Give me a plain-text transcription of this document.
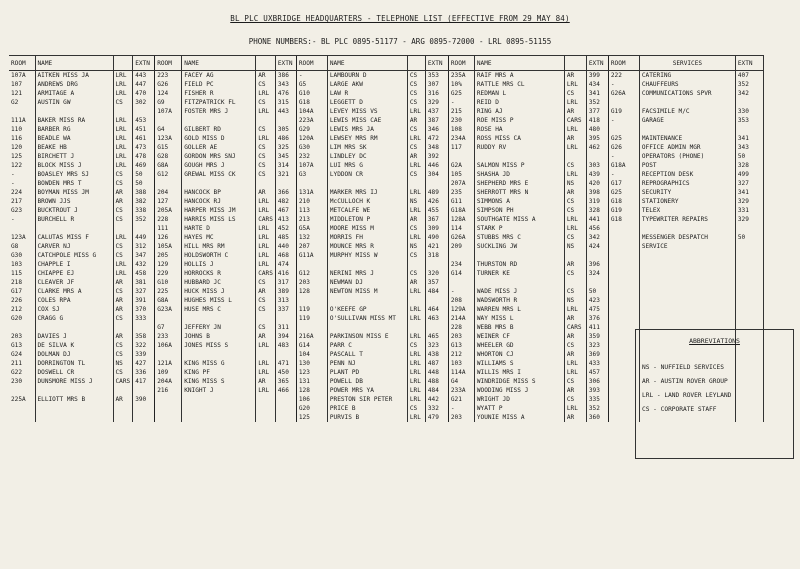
BL PLC UXBRIDGE HEADQUARTERS - TELEPHONE LIST (EFFECTIVE FROM 29 MAY 84)
PHONE NUMBERS:- BL PLC 0895-51177 - ARG 0895-72000 - LRL 0895-51155
ROOM	NAME		EXTN	ROOM	NAME		EXTN	ROOM	NAME		EXTN	ROOM	NAME		EXTN	ROOM	SERVICES	EXTN
107A	AITKEN MISS JA	LRL	443	223	FACEY AG	AR	386	-	LAMBOURN D	CS	353	235A	RAIF MRS A	AR	399	222	CATERING	407
107	ANDREWS DRG	LRL	447	G26	FIELD PC	CS	343	G5	LARGE AKW	CS	307	10%	RATTLE MRS CL	LRL	434	-	CHAUFFEURS	352
121	ARMITAGE A	LRL	470	124	FISHER R	LRL	476	G10	LAW R	CS	316	G25	REDMAN L	CS	341	G26A	COMMUNICATIONS SPVR	342
G2	AUSTIN GW	CS	302	G9	FITZPATRICK FL	CS	315	G18	LEGGETT D	CS	329	-	REID D	LRL	352			
				107A	FOSTER MRS J	LRL	443	104A	LEVEY MISS VS	LRL	437	215	RING AJ	AR	377	G19	FACSIMILE M/C	330
111A	BAKER MISS RA	LRL	453					223A	LEWIS MISS CAE	AR	387	230	ROE MISS P	CARS	418	-	GARAGE	353
110	BARBER RG	LRL	451	G4	GILBERT RD	CS	305	G29	LEWIS MRS JA	CS	346	108	ROSE HA	LRL	480			
116	BEADLE WA	LRL	461	123A	GOLD MISS D	LRL	486	120A	LEWSEY MRS RM	LRL	472	234A	ROSS MISS CA	AR	395	G25	MAINTENANCE	341
120	BEAKE HB	LRL	473	G15	GOLLER AE	CS	325	G30	LIM MRS SK	CS	348	117	RUDDY RV	LRL	462	G26	OFFICE ADMIN MGR	343
125	BIRCHETT J	LRL	478	G28	GORDON MRS SNJ	CS	345	232	LINDLEY DC	AR	392					-	OPERATORS (PHONE)	50
122	BLOCK MISS J	LRL	469	G8A	GOUGH MRS J	CS	314	107A	LUI MRS G	LRL	446	G2A	SALMON MISS P	CS	303	G18A	POST	328
-	BOASLEY MRS SJ	CS	50	G12	GREWAL MISS CK	CS	321	G3	LYDDON CR	CS	304	105	SHASHA JD	LRL	439	-	RECEPTION DESK	499
-	BOWDEN MRS T	CS	50									207A	SHEPHERD MRS E	NS	420	G17	REPROGRAPHICS	327
224	BOYMAN MISS JM	AR	388	204	HANCOCK BP	AR	366	131A	MARKER MRS IJ	LRL	489	235	SHERROTT MRS N	AR	398	G25	SECURITY	341
217	BROWN JJS	AR	382	127	HANCOCK RJ	LRL	482	210	McCULLOCH K	NS	426	G11	SIMMONS A	CS	319	G18	STATIONERY	329
G23	BUCKTROUT J	CS	338	205A	HARPER MISS JM	LRL	467	113	METCALFE WE	LRL	455	G18A	SIMPSON PH	CS	328	G19	TELEX	331
-	BURCHELL R	CS	352	228	HARRIS MISS LS	CARS	413	213	MIDDLETON P	AR	367	128A	SOUTHGATE MISS A	LRL	441	G18	TYPEWRITER REPAIRS	329
				111	HARTE D	LRL	452	G5A	MOORE MISS M	CS	309	114	STARK P	LRL	456			
123A	CALUTAS MISS F	LRL	449	126	HAYES MC	LRL	485	132	MORRIS FH	LRL	490	G26A	STUBBS MRS C	CS	342		MESSENGER DESPATCH	50
G8	CARVER NJ	CS	312	105A	HILL MRS RM	LRL	440	207	MOUNCE MRS R	NS	421	209	SUCKLING JW	NS	424		SERVICE	
G30	CATCHPOLE MISS G	CS	347	205	HOLDSWORTH C	LRL	468	G11A	MURPHY MISS W	CS	318							
103	CHAPPLE I	LRL	432	129	HOLLIS J	LRL	474					234	THURSTON RD	AR	396			
115	CHIAPPE EJ	LRL	458	229	HORROCKS R	CARS	416	G12	NERINI MRS J	CS	320	G14	TURNER KE	CS	324			
218	CLEAVER JF	AR	381	G10	HUBBARD JC	CS	317	203	NEWMAN DJ	AR	357							
G17	CLARKE MRS A	CS	327	225	HUCK MISS J	AR	389	128	NEWTON MISS M	LRL	484	-	WADE MISS J	CS	50			
226	COLES RPA	AR	391	G8A	HUGHES MISS L	CS	313					208	WADSWORTH R	NS	423			
212	COX SJ	AR	370	G23A	HUSE MRS C	CS	337	119	O'KEEFE GP	LRL	464	129A	WARREN MRS L	LRL	475			
G20	CRAGG G	CS	333					119	O'SULLIVAN MISS MT	LRL	463	214A	WAY MISS L	AR	376			
				G7	JEFFERY JN	CS	311					228	WEBB MRS B	CARS	411			
203	DAVIES J	AR	358	233	JOHNS B	AR	394	216A	PARKINSON MISS E	LRL	465	203	WEINER CF	AR	359			
G13	DE SILVA K	CS	322	106A	JONES MISS S	LRL	483	G14	PARR C	CS	323	G13	WHEELER GD	CS	323			
G24	DOLMAN DJ	CS	339					104	PASCALL T	LRL	438	212	WHORTON CJ	AR	369			
211	DORRINGTON TL	NS	427	121A	KING MISS G	LRL	471	130	PENN NJ	LRL	487	103	WILLIAMS S	LRL	433			
G22	DOSWELL CR	CS	336	109	KING PF	LRL	450	123	PLANT PD	LRL	448	114A	WILLIS MRS I	LRL	457			
230	DUNSMORE MISS J	CARS	417	204A	KING MISS S	AR	365	131	POWELL DB	LRL	488	G4	WINDRIDGE MISS S	CS	306			
				216	KNIGHT J	LRL	466	128	POWER MRS YA	LRL	484	233A	WOODING MISS J	AR	393			
225A	ELLIOTT MRS B	AR	390					106	PRESTON SIR PETER	LRL	442	G21	WRIGHT JD	CS	335			
								G20	PRICE B	CS	332	-	WYATT P	LRL	352			
								125	PURVIS B	LRL	479	203	YOUNIE MISS A	AR	360			
ABBREVIATIONS
NS - NUFFIELD SERVICES
AR - AUSTIN ROVER GROUP
LRL - LAND ROVER LEYLAND
CS - CORPORATE STAFF
